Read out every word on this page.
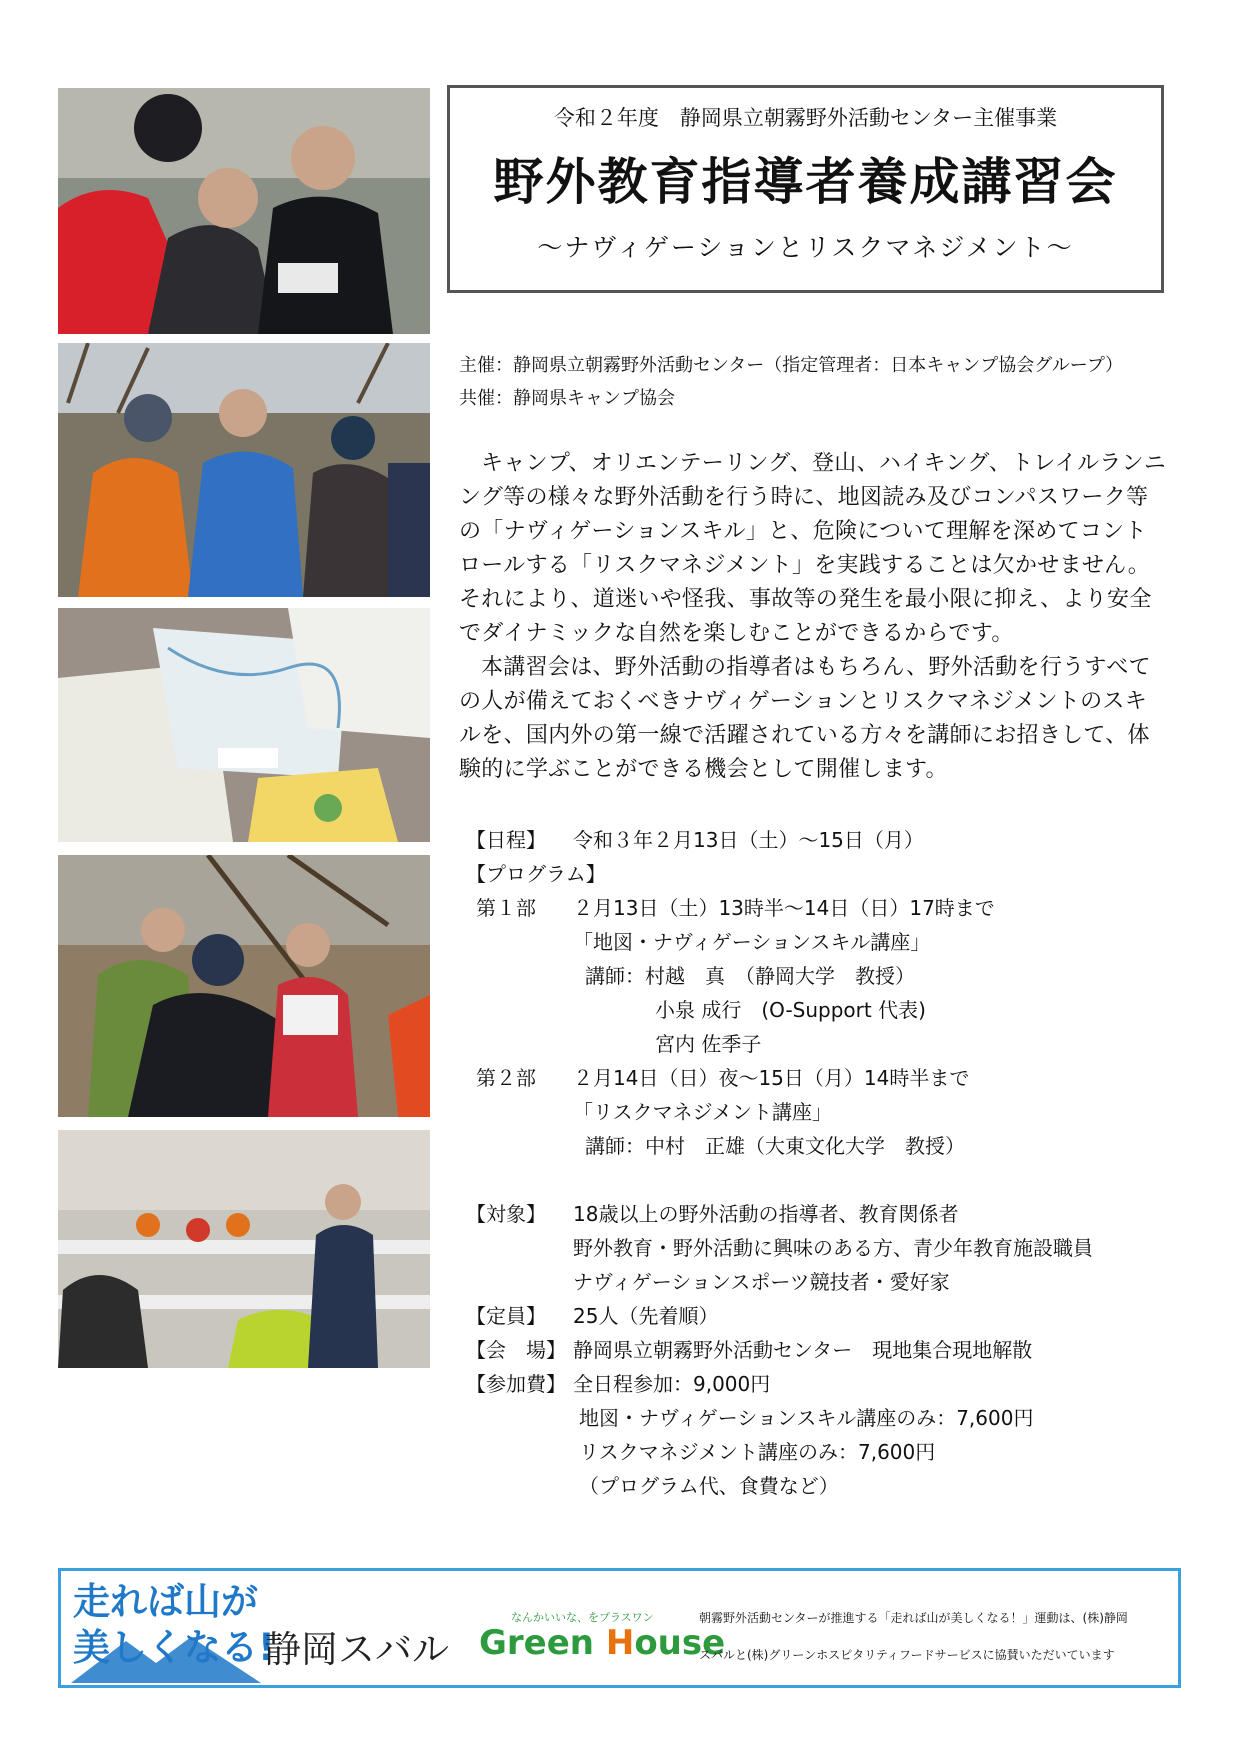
令和２年度　静岡県立朝霧野外活動センター主催事業
野外教育指導者養成講習会
～ナヴィゲーションとリスクマネジメント～
主催：静岡県立朝霧野外活動センター（指定管理者：日本キャンプ協会グループ）
共催：静岡県キャンプ協会

キャンプ、オリエンテーリング、登山、ハイキング、トレイルランニング等の様々な野外活動を行う時に、地図読み及びコンパスワーク等の「ナヴィゲーションスキル」と、危険について理解を深めてコントロールする「リスクマネジメント」を実践することは欠かせません。それにより、道迷いや怪我、事故等の発生を最小限に抑え、より安全でダイナミックな自然を楽しむことができるからです。

本講習会は、野外活動の指導者はもちろん、野外活動を行うすべての人が備えておくべきナヴィゲーションとリスクマネジメントのスキルを、国内外の第一線で活躍されている方々を講師にお招きして、体験的に学ぶことができる機会として開催します。

【日程】 令和３年２月13日（土）～15日（月）
【プログラム】
第１部 ２月13日（土）13時半～14日（日）17時まで
「地図・ナヴィゲーションスキル講座」
講師：村越　真　（静岡大学　教授）
小泉 成行　(O-Support 代表)
宮内 佐季子
第２部 ２月14日（日）夜～15日（月）14時半まで
「リスクマネジメント講座」
講師：中村　正雄（大東文化大学　教授）
【対象】 18歳以上の野外活動の指導者、教育関係者
野外教育・野外活動に興味のある方、青少年教育施設職員
ナヴィゲーションスポーツ競技者・愛好家
【定員】 25人（先着順）
【会　場】 静岡県立朝霧野外活動センター　現地集合現地解散
【参加費】 全日程参加：9,000円
地図・ナヴィゲーションスキル講座のみ：7,600円
リスクマネジメント講座のみ：7,600円
（プログラム代、食費など）
走れば山が
美しくなる!
静岡スバル
なんかいいな、をプラスワン
Green House
朝霧野外活動センターが推進する「走れば山が美しくなる！」運動は、(株)静岡
スバルと(株)グリーンホスピタリティフードサービスに協賛いただいています
